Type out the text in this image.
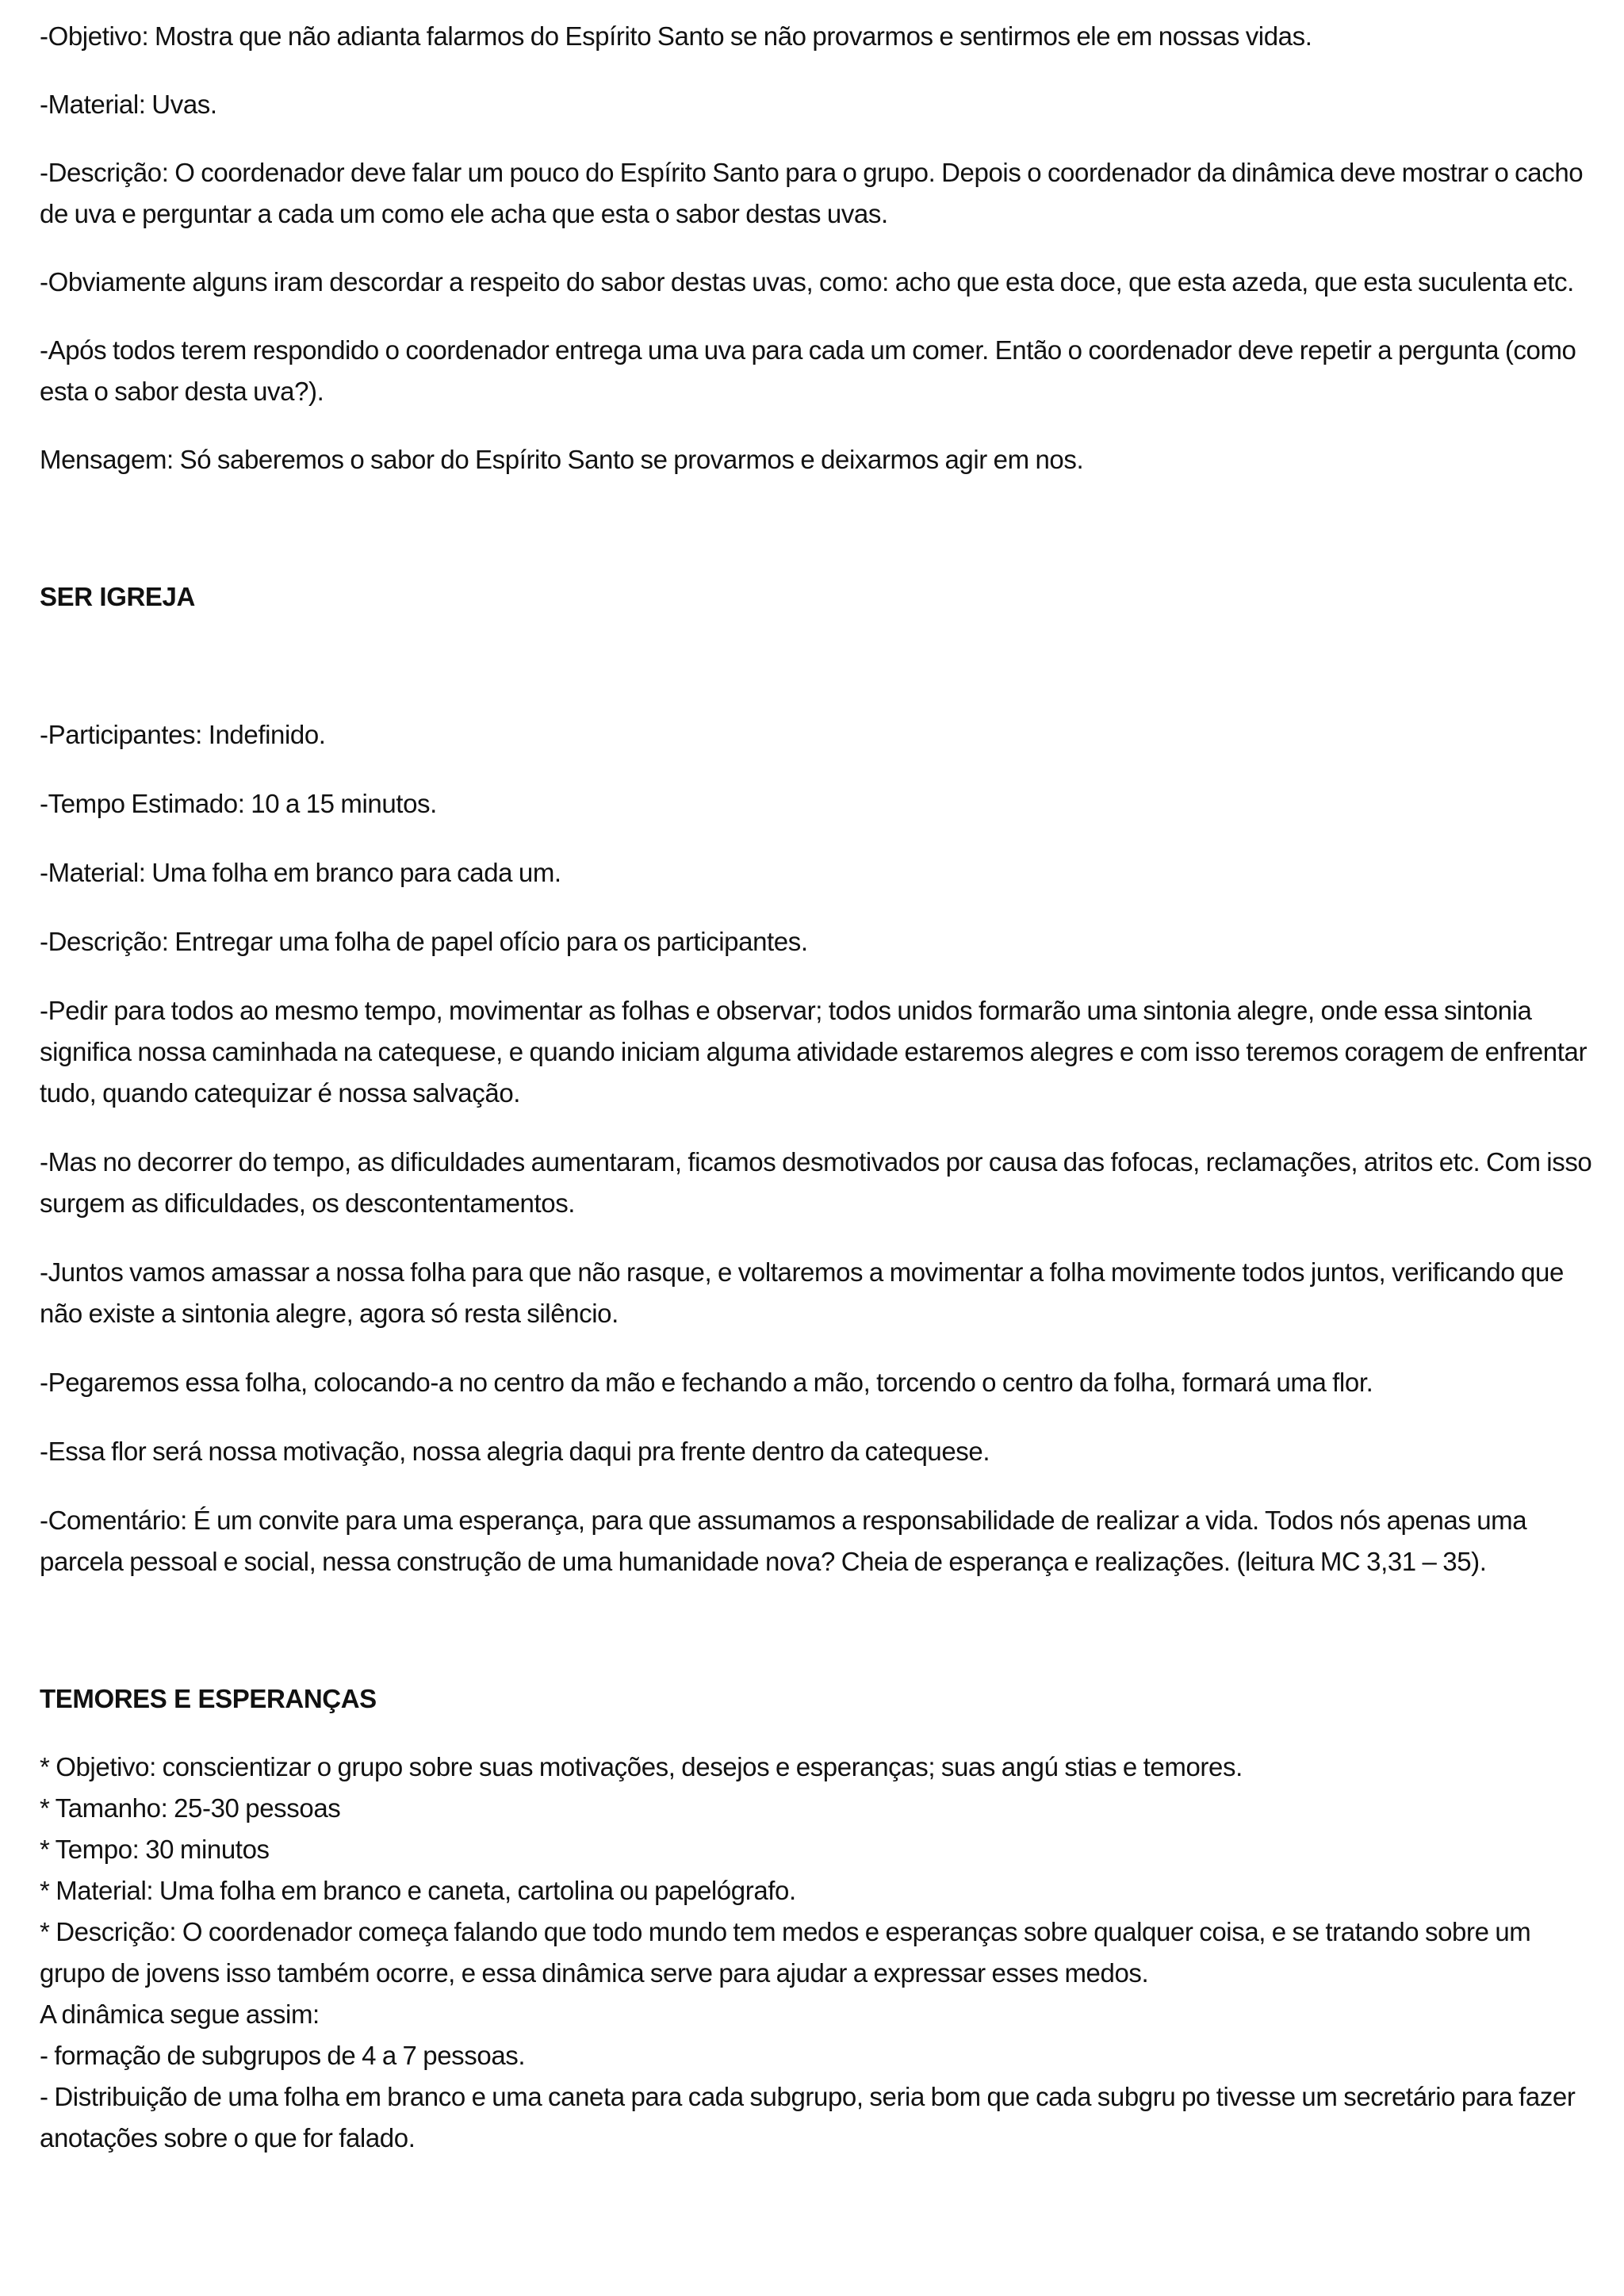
-Objetivo: Mostra que não adianta falarmos do Espírito Santo se não provarmos e sentirmos ele em nossas vidas.

-Material: Uvas.

-Descrição: O coordenador deve falar um pouco do Espírito Santo para o grupo. Depois o coordenador da dinâmica deve mostrar o cacho de uva e perguntar a cada um como ele acha que esta o sabor destas uvas.

-Obviamente alguns iram descordar a respeito do sabor destas uvas, como: acho que esta doce, que esta azeda, que esta suculenta etc.

-Após todos terem respondido o coordenador entrega uma uva para cada um comer. Então o coordenador deve repetir a pergunta (como esta o sabor desta uva?).

Mensagem: Só saberemos o sabor do Espírito Santo se provarmos e deixarmos agir em nos.

SER IGREJA

-Participantes: Indefinido.

-Tempo Estimado: 10 a 15 minutos.

-Material: Uma folha em branco para cada um.

-Descrição: Entregar uma folha de papel ofício para os participantes.

-Pedir para todos ao mesmo tempo, movimentar as folhas e observar; todos unidos formarão uma sintonia alegre, onde essa sintonia significa nossa caminhada na catequese, e quando iniciam alguma atividade estaremos alegres e com isso teremos coragem de enfrentar tudo, quando catequizar é nossa salvação.

-Mas no decorrer do tempo, as dificuldades aumentaram, ficamos desmotivados por causa das fofocas, reclamações, atritos etc. Com isso surgem as dificuldades, os descontentamentos.

-Juntos vamos amassar a nossa folha para que não rasque, e voltaremos a movimentar a folha movimente todos juntos, verificando que não existe a sintonia alegre, agora só resta silêncio.

-Pegaremos essa folha, colocando-a no centro da mão e fechando a mão, torcendo o centro da folha, formará uma flor.

-Essa flor será nossa motivação, nossa alegria daqui pra frente dentro da catequese.

-Comentário: É um convite para uma esperança, para que assumamos a responsabilidade de realizar a vida. Todos nós apenas uma parcela pessoal e social, nessa construção de uma humanidade nova? Cheia de esperança e realizações. (leitura MC 3,31 – 35).

TEMORES E ESPERANÇAS

* Objetivo: conscientizar o grupo sobre suas motivações, desejos e esperanças; suas angú stias e temores.

* Tamanho: 25-30 pessoas

* Tempo: 30 minutos

* Material: Uma folha em branco e caneta, cartolina ou papelógrafo.

* Descrição: O coordenador começa falando que todo mundo tem medos e esperanças sobre qualquer coisa, e se tratando sobre um grupo de jovens isso também ocorre, e essa dinâmica serve para ajudar a expressar esses medos.

A dinâmica segue assim:

- formação de subgrupos de 4 a 7 pessoas.

- Distribuição de uma folha em branco e uma caneta para cada subgrupo, seria bom que cada subgru po tivesse um secretário para fazer anotações sobre o que for falado.
